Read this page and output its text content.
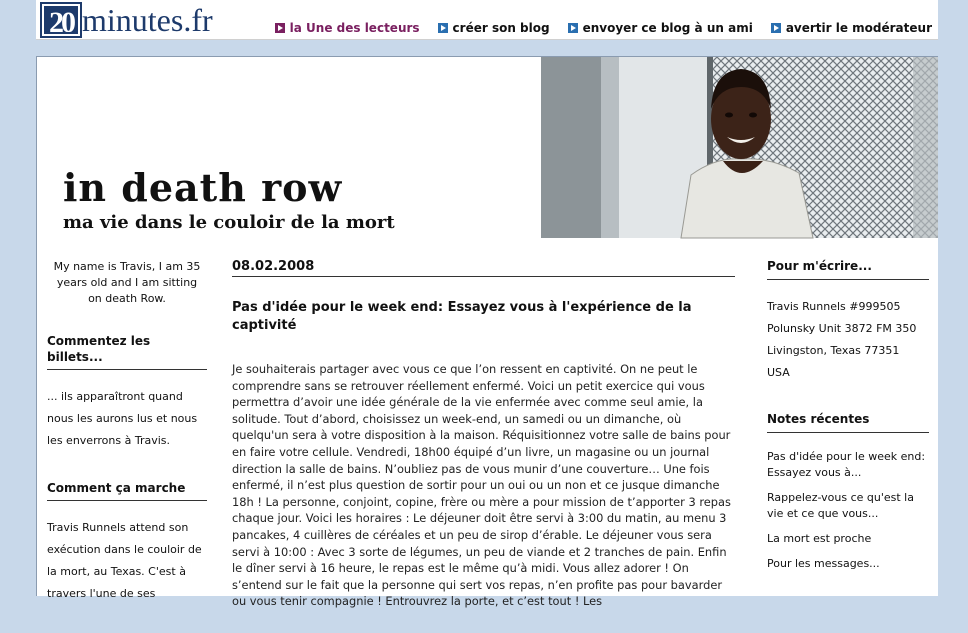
20 minutes.fr	la Une des lecteurs	créer son blog	envoyer ce blog à un ami	avertir le modérateur
in death row
ma vie dans le couloir de la mort
My name is Travis, I am 35 years old and I am sitting on death Row.
Commentez les billets...

... ils apparaîtront quand nous les aurons lus et nous les enverrons à Travis.

Comment ça marche

Travis Runnels attend son exécution dans le couloir de la mort, au Texas. C'est à travers l'une de ses

08.02.2008
Pas d'idée pour le week end: Essayez vous à l'expérience de la captivité
Je souhaiterais partager avec vous ce que l’on ressent en captivité. On ne peut le comprendre sans se retrouver réellement enfermé. Voici un petit exercice qui vous permettra d’avoir une idée générale de la vie enfermée avec comme seul amie, la solitude. Tout d’abord, choisissez un week-end, un samedi ou un dimanche, où quelqu'un sera à votre disposition à la maison. Réquisitionnez votre salle de bains pour en faire votre cellule. Vendredi, 18h00 équipé d’un livre, un magasine ou un journal direction la salle de bains. N’oubliez pas de vous munir d’une couverture… Une fois enfermé, il n’est plus question de sortir pour un oui ou un non et ce jusque dimanche 18h ! La personne, conjoint, copine, frère ou mère a pour mission de t’apporter 3 repas chaque jour. Voici les horaires : Le déjeuner doit être servi à 3:00 du matin, au menu 3 pancakes, 4 cuillères de céréales et un peu de sirop d’érable. Le déjeuner vous sera servi à 10:00 : Avec 3 sorte de légumes, un peu de viande et 2 tranches de pain. Enfin le dîner servi à 16 heure, le repas est le même qu’à midi. Vous allez adorer ! On s’entend sur le fait que la personne qui sert vos repas, n’en profite pas pour bavarder ou vous tenir compagnie ! Entrouvrez la porte, et c’est tout ! Les
Pour m'écrire...
Travis Runnels #999505
Polunsky Unit 3872 FM 350
Livingston, Texas 77351
USA
Notes récentes
Pas d'idée pour le week end: Essayez vous à...
Rappelez-vous ce qu'est la vie et ce que vous...
La mort est proche
Pour les messages...
